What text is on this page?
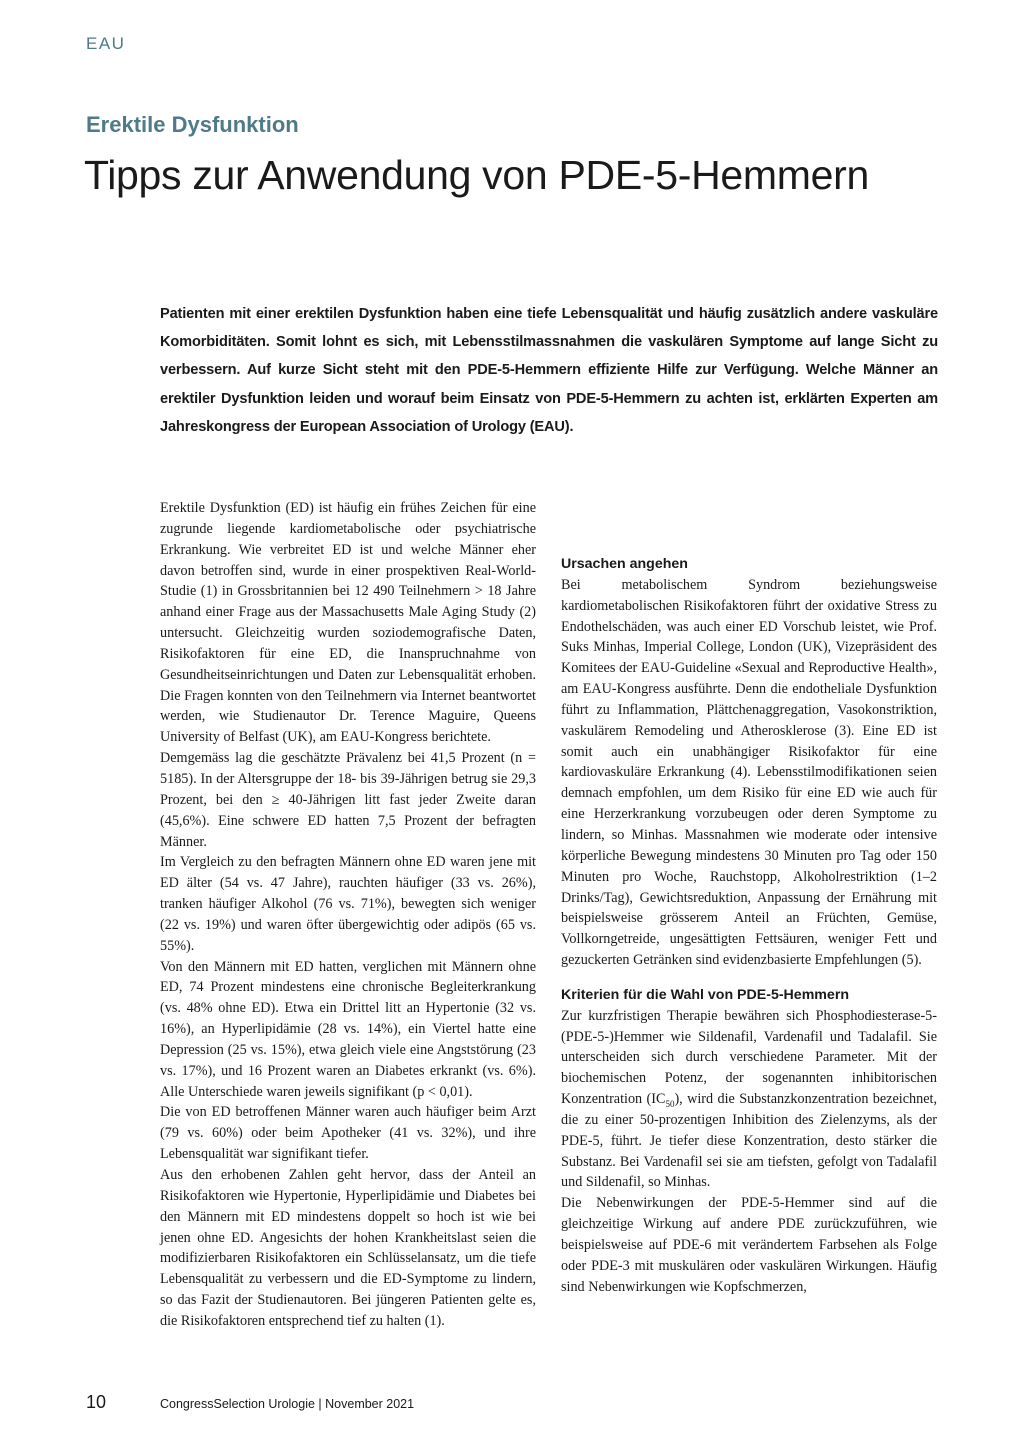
EAU
Erektile Dysfunktion
Tipps zur Anwendung von PDE-5-Hemmern

Patienten mit einer erektilen Dysfunktion haben eine tiefe Lebensqualität und häufig zusätzlich andere vaskuläre Komorbiditäten. Somit lohnt es sich, mit Lebensstilmassnahmen die vaskulären Symptome auf lange Sicht zu verbessern. Auf kurze Sicht steht mit den PDE-5-Hemmern effiziente Hilfe zur Verfügung. Welche Männer an erektiler Dysfunktion leiden und worauf beim Einsatz von PDE-5-Hemmern zu achten ist, erklärten Experten am Jahreskongress der European Association of Urology (EAU).

Erektile Dysfunktion (ED) ist häufig ein frühes Zeichen für eine zugrunde liegende kardiometabolische oder psychiatrische Erkrankung. Wie verbreitet ED ist und welche Männer eher davon betroffen sind, wurde in einer prospektiven Real-World-Studie (1) in Grossbritannien bei 12 490 Teilnehmern > 18 Jahre anhand einer Frage aus der Massachusetts Male Aging Study (2) untersucht. Gleichzeitig wurden soziodemografische Daten, Risikofaktoren für eine ED, die Inanspruchnahme von Gesundheitseinrichtungen und Daten zur Lebensqualität erhoben. Die Fragen konnten von den Teilnehmern via Internet beantwortet werden, wie Studienautor Dr. Terence Maguire, Queens University of Belfast (UK), am EAU-Kongress berichtete.

Demgemäss lag die geschätzte Prävalenz bei 41,5 Prozent (n = 5185). In der Altersgruppe der 18- bis 39-Jährigen betrug sie 29,3 Prozent, bei den ≥ 40-Jährigen litt fast jeder Zweite daran (45,6%). Eine schwere ED hatten 7,5 Prozent der befragten Männer.

Im Vergleich zu den befragten Männern ohne ED waren jene mit ED älter (54 vs. 47 Jahre), rauchten häufiger (33 vs. 26%), tranken häufiger Alkohol (76 vs. 71%), bewegten sich weniger (22 vs. 19%) und waren öfter übergewichtig oder adipös (65 vs. 55%).

Von den Männern mit ED hatten, verglichen mit Männern ohne ED, 74 Prozent mindestens eine chronische Begleiterkrankung (vs. 48% ohne ED). Etwa ein Drittel litt an Hypertonie (32 vs. 16%), an Hyperlipidämie (28 vs. 14%), ein Viertel hatte eine Depression (25 vs. 15%), etwa gleich viele eine Angststörung (23 vs. 17%), und 16 Prozent waren an Diabetes erkrankt (vs. 6%). Alle Unterschiede waren jeweils signifikant (p < 0,01).

Die von ED betroffenen Männer waren auch häufiger beim Arzt (79 vs. 60%) oder beim Apotheker (41 vs. 32%), und ihre Lebensqualität war signifikant tiefer.

Aus den erhobenen Zahlen geht hervor, dass der Anteil an Risikofaktoren wie Hypertonie, Hyperlipidämie und Diabetes bei den Männern mit ED mindestens doppelt so hoch ist wie bei jenen ohne ED. Angesichts der hohen Krankheitslast seien die modifizierbaren Risikofaktoren ein Schlüsselansatz, um die tiefe Lebensqualität zu verbessern und die ED-Symptome zu lindern, so das Fazit der Studienautoren. Bei jüngeren Patienten gelte es, die Risikofaktoren entsprechend tief zu halten (1).

Ursachen angehen

Bei metabolischem Syndrom beziehungsweise kardiometabolischen Risikofaktoren führt der oxidative Stress zu Endothelschäden, was auch einer ED Vorschub leistet, wie Prof. Suks Minhas, Imperial College, London (UK), Vizepräsident des Komitees der EAU-Guideline «Sexual and Reproductive Health», am EAU-Kongress ausführte. Denn die endotheliale Dysfunktion führt zu Inflammation, Plättchenaggregation, Vasokonstriktion, vaskulärem Remodeling und Atherosklerose (3). Eine ED ist somit auch ein unabhängiger Risikofaktor für eine kardiovaskuläre Erkrankung (4). Lebensstilmodifikationen seien demnach empfohlen, um dem Risiko für eine ED wie auch für eine Herzerkrankung vorzubeugen oder deren Symptome zu lindern, so Minhas. Massnahmen wie moderate oder intensive körperliche Bewegung mindestens 30 Minuten pro Tag oder 150 Minuten pro Woche, Rauchstopp, Alkoholrestriktion (1–2 Drinks/Tag), Gewichtsreduktion, Anpassung der Ernährung mit beispielsweise grösserem Anteil an Früchten, Gemüse, Vollkorngetreide, ungesättigten Fettsäuren, weniger Fett und gezuckerten Getränken sind evidenzbasierte Empfehlungen (5).

Kriterien für die Wahl von PDE-5-Hemmern

Zur kurzfristigen Therapie bewähren sich Phosphodiesterase-5-(PDE-5-)Hemmer wie Sildenafil, Vardenafil und Tadalafil. Sie unterscheiden sich durch verschiedene Parameter. Mit der biochemischen Potenz, der sogenannten inhibitorischen Konzentration $(IC_{50})$, wird die Substanzkonzentration bezeichnet, die zu einer 50-prozentigen Inhibition des Zielenzyms, als der PDE-5, führt. Je tiefer diese Konzentration, desto stärker die Substanz. Bei Vardenafil sei sie am tiefsten, gefolgt von Tadalafil und Sildenafil, so Minhas.

Die Nebenwirkungen der PDE-5-Hemmer sind auf die gleichzeitige Wirkung auf andere PDE zurückzuführen, wie beispielsweise auf PDE-6 mit verändertem Farbsehen als Folge oder PDE-3 mit muskulären oder vaskulären Wirkungen. Häufig sind Nebenwirkungen wie Kopfschmerzen,

10	CongressSelection Urologie | November 2021
